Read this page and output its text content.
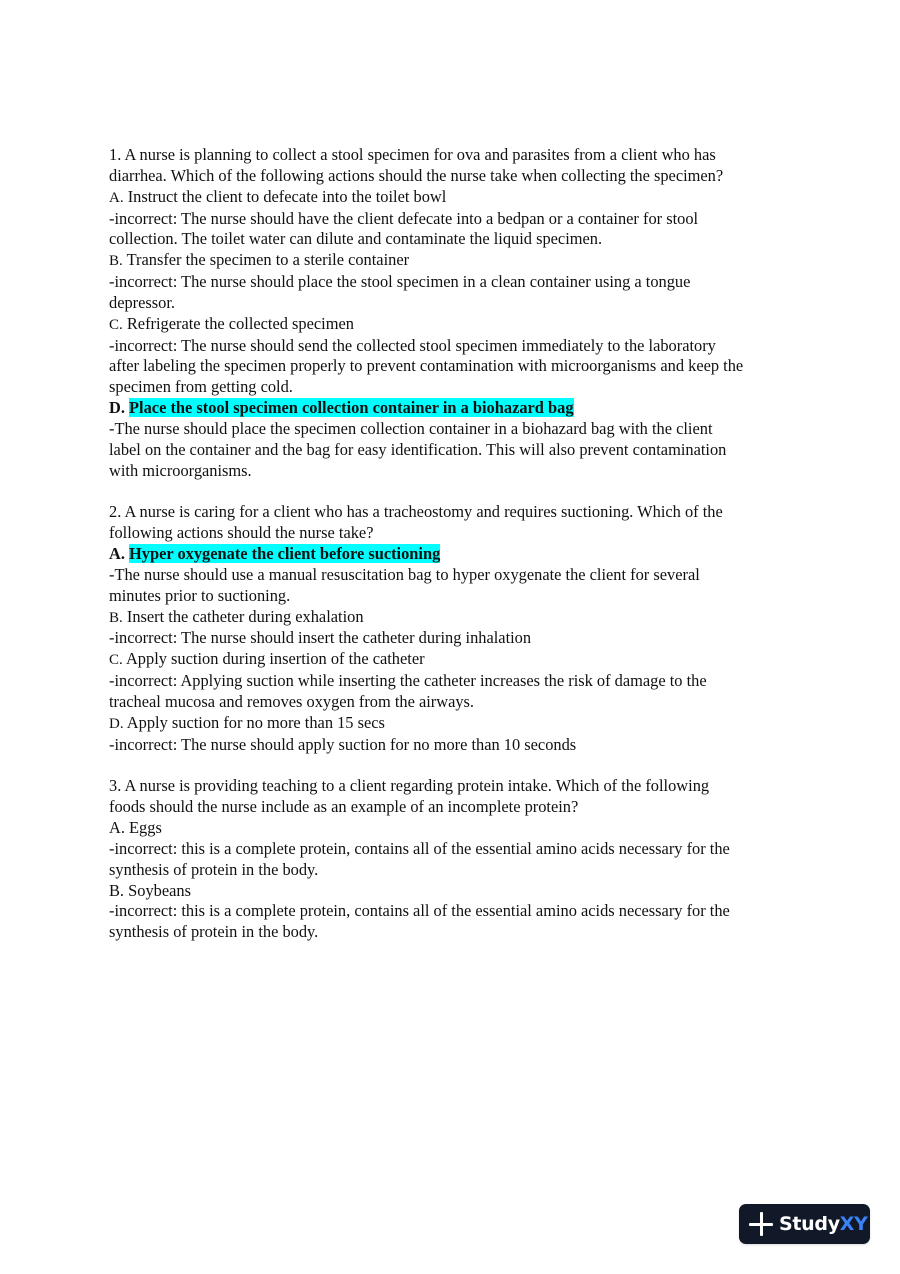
1. A nurse is planning to collect a stool specimen for ova and parasites from a client who has
diarrhea. Which of the following actions should the nurse take when collecting the specimen?
A. Instruct the client to defecate into the toilet bowl
-incorrect: The nurse should have the client defecate into a bedpan or a container for stool
collection. The toilet water can dilute and contaminate the liquid specimen.
B. Transfer the specimen to a sterile container
-incorrect: The nurse should place the stool specimen in a clean container using a tongue
depressor.
C. Refrigerate the collected specimen
-incorrect: The nurse should send the collected stool specimen immediately to the laboratory
after labeling the specimen properly to prevent contamination with microorganisms and keep the
specimen from getting cold.
D. Place the stool specimen collection container in a biohazard bag
-The nurse should place the specimen collection container in a biohazard bag with the client
label on the container and the bag for easy identification. This will also prevent contamination
with microorganisms.
2. A nurse is caring for a client who has a tracheostomy and requires suctioning. Which of the
following actions should the nurse take?
A. Hyper oxygenate the client before suctioning
-The nurse should use a manual resuscitation bag to hyper oxygenate the client for several
minutes prior to suctioning.
B. Insert the catheter during exhalation
-incorrect: The nurse should insert the catheter during inhalation
C. Apply suction during insertion of the catheter
-incorrect: Applying suction while inserting the catheter increases the risk of damage to the
tracheal mucosa and removes oxygen from the airways.
D. Apply suction for no more than 15 secs
-incorrect: The nurse should apply suction for no more than 10 seconds
3. A nurse is providing teaching to a client regarding protein intake. Which of the following
foods should the nurse include as an example of an incomplete protein?
A. Eggs
-incorrect: this is a complete protein, contains all of the essential amino acids necessary for the
synthesis of protein in the body.
B. Soybeans
-incorrect: this is a complete protein, contains all of the essential amino acids necessary for the
synthesis of protein in the body.
StudyXY
